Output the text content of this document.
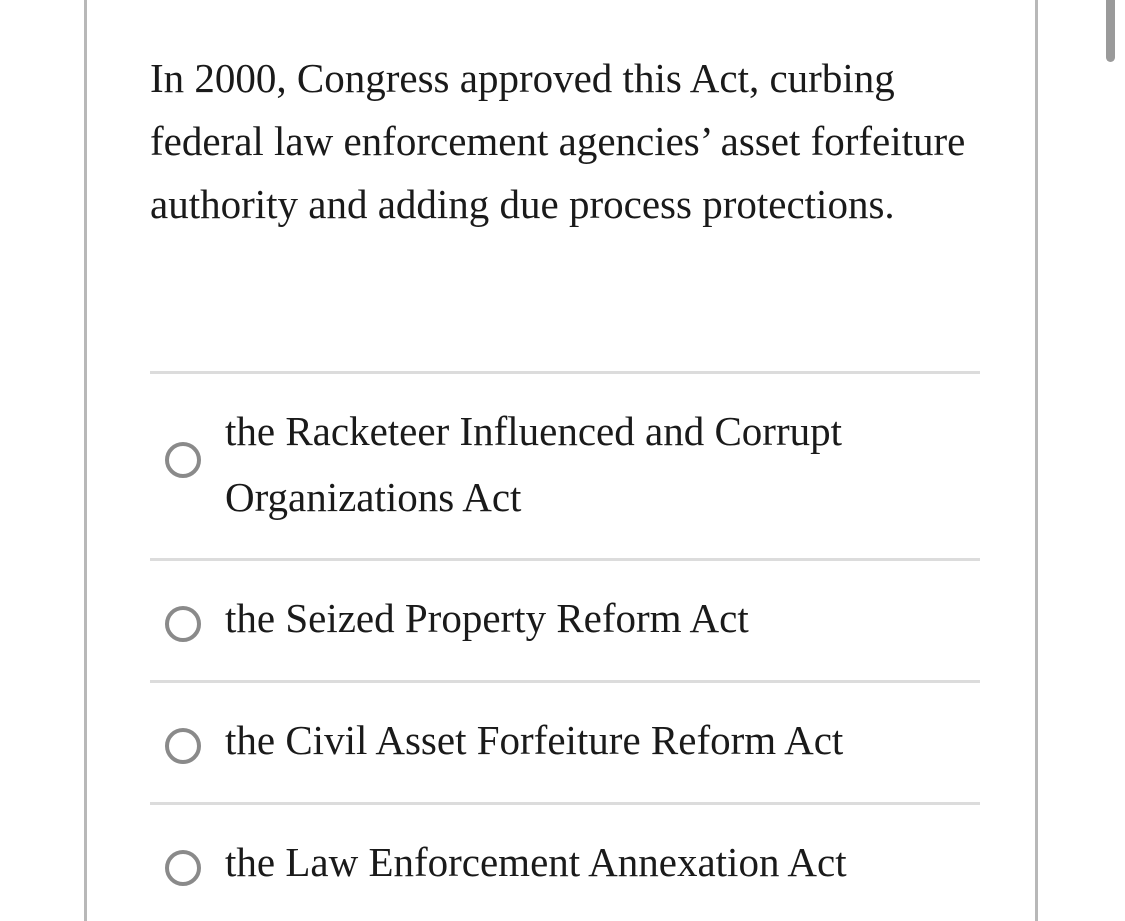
In 2000, Congress approved this Act, curbing federal law enforcement agencies’ asset forfeiture authority and adding due process protections.

the Racketeer Influenced and Corrupt Organizations Act
the Seized Property Reform Act
the Civil Asset Forfeiture Reform Act
the Law Enforcement Annexation Act
